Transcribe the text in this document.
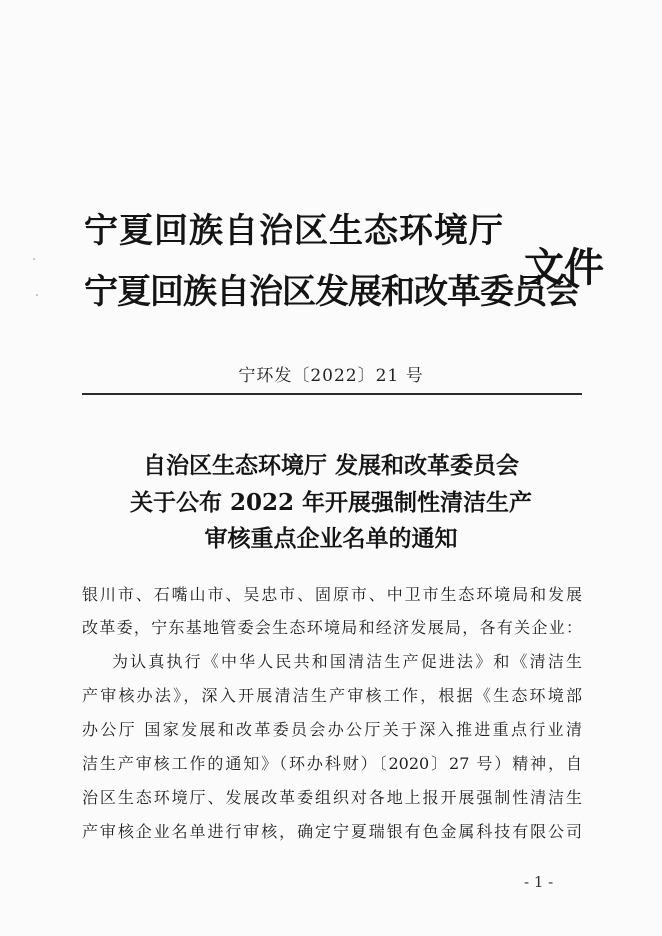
宁夏回族自治区生态环境厅
宁夏回族自治区发展和改革委员会
文件
宁环发〔2022〕21 号
自治区生态环境厅 发展和改革委员会
关于公布 2022 年开展强制性清洁生产
审核重点企业名单的通知
银川市、石嘴山市、吴忠市、固原市、中卫市生态环境局和发展
改革委，宁东基地管委会生态环境局和经济发展局，各有关企业：
为认真执行《中华人民共和国清洁生产促进法》和《清洁生
产审核办法》，深入开展清洁生产审核工作，根据《生态环境部
办公厅 国家发展和改革委员会办公厅关于深入推进重点行业清
洁生产审核工作的通知》（环办科财）〔2020〕27 号）精神，自
治区生态环境厅、发展改革委组织对各地上报开展强制性清洁生
产审核企业名单进行审核，确定宁夏瑞银有色金属科技有限公司
- 1 -
